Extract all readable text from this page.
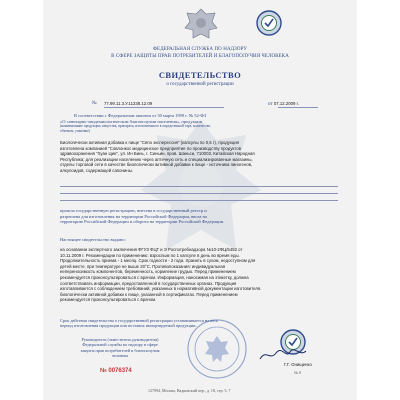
ФЕДЕРАЛЬНАЯ СЛУЖБА ПО НАДЗОРУ
В СФЕРЕ ЗАЩИТЫ ПРАВ ПОТРЕБИТЕЛЕЙ И БЛАГОПОЛУЧИЯ ЧЕЛОВЕКА
СВИДЕТЕЛЬСТВО
о государственной регистрации
№ 77.99.11.3.У.11238.12.09	от 07.12.2009 г.
В соответствии с Федеральным законом от 30 марта 1999 г. № 52-ФЗ
«О санитарно-эпидемиологическом благополучии населения», продукция
(наименование продукции, вещества, препарата, изготовленного в определенной таре, количестве,
объемом, упаковке)
Биологически активная добавка к пище "Сяпо эксперессия" (капсулы по 0,5 г), продукция
изготовлена компанией "Совлонкос медицинское предприятие по производству продуктов
здравоохранения "Хуан Цин", ул. Ин Бинь, г. Синьин, пров. Шаньси, 710003, Китайская Народная
Республика; для реализации населению через аптечную сеть и специализированные магазины,
отделы торговой сети в качестве биологически активной добавки к пище - источника пиногенов,
алкулоидов, содержащей сапонины.
прошла государственную регистрацию, внесена в государственный реестр и
разрешена для изготовления на территории Российской Федерации, ввоза на
территорию Российской Федерации и оборота на территории Российской Федерации.
Настоящее свидетельство выдано:
на основании экспертного заключения ФГУЗ ФЦГ и Э Роспотребнадзора №10-2ФЦ/5452 от
10.11.2009 г. Рекомендации по применению: взрослым по 1 капсуле в день во время еды.
Продолжительность приема - 1 месяц. Срок годности - 2 года. Хранить в сухом, недоступном для
детей месте, при температуре не выше 20°С. Противопоказания: индивидуальная
непереносимость компонентов, беременность, кормление грудью. Перед применением
рекомендуется проконсультироваться с врачом. Информация, наносимая на этикетку, должна
соответствовать информации, предоставленной в государственных органах. Продукция
изготавливается с соблюдением требований, указанных в нормативной документации изготовителя.
биологически активной добавки к пище, указанной в сертификатах. Перед применением
рекомендуется проконсультироваться с врачом.
Срок действия свидетельства о государственной регистрации устанавливается на весь
период изготовления продукции или поставок импортируемой продукции.
Руководитель (заместитель руководителя)
Федеральной службы по надзору в сфере
защиты прав потребителей и благополучия
человека
Г.Г. Онищенко
№ 0076374	№ 0
127994, Москва, Вадковский пер., д. 18, стр. 5, 7
